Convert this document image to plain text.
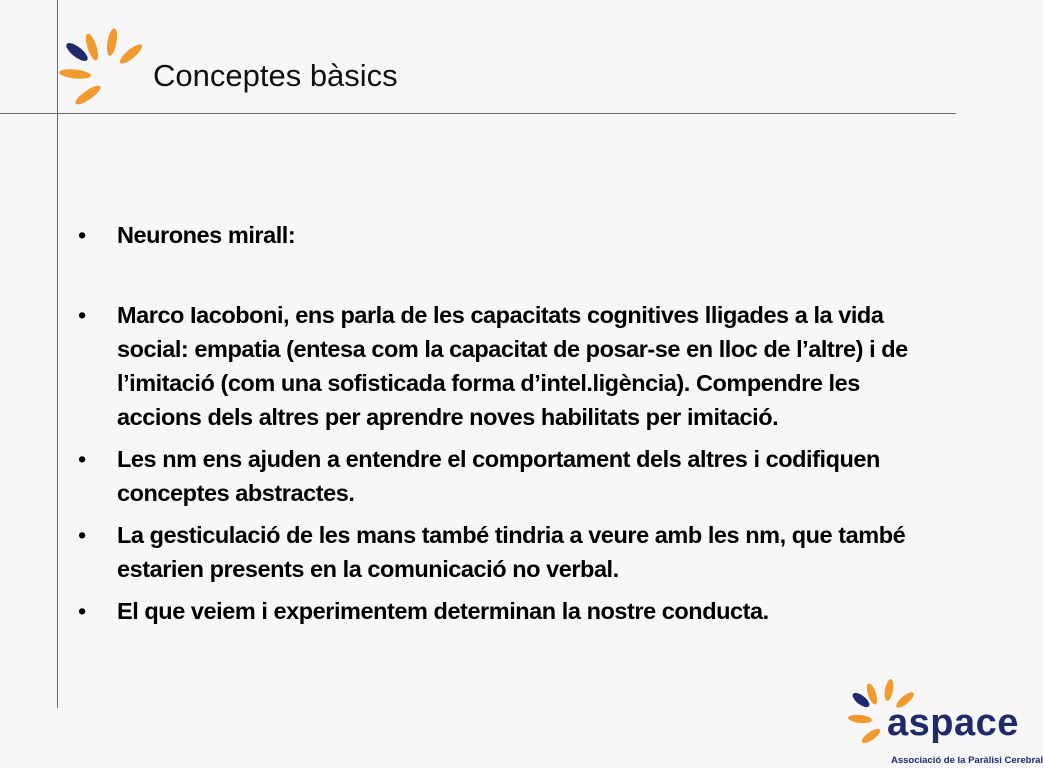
Conceptes bàsics
• Neurones mirall:
• Marco Iacoboni, ens parla de les capacitats cognitives lligades a la vida social: empatia (entesa com la capacitat de posar-se en lloc de l’altre) i de l’imitació (com una sofisticada forma d’intel.ligència). Compendre les accions dels altres per aprendre noves habilitats per imitació.
• Les nm ens ajuden a entendre el comportament dels altres i codifiquen conceptes abstractes.
• La gesticulació de les mans també tindria a veure amb les nm, que també estarien presents en la comunicació no verbal.
• El que veiem i experimentem determinan la nostre conducta.
aspace
Associació de la Paràlisi Cerebral
